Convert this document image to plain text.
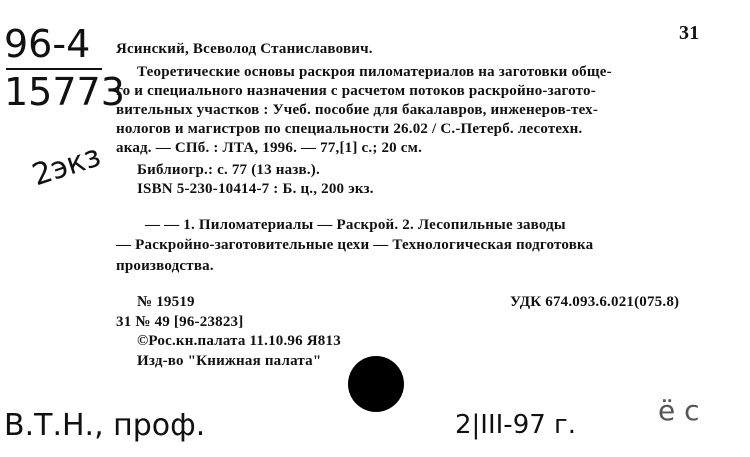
96-4
15773
2экз
31
Ясинский, Всеволод Станиславович.
Теоретические основы раскроя пиломатериалов на заготовки обще-
го и специального назначения с расчетом потоков раскройно-загото-
вительных участков : Учеб. пособие для бакалавров, инженеров-тех-
нологов и магистров по специальности 26.02 / С.-Петерб. лесотехн.
акад. — СПб. : ЛТА, 1996. — 77,[1] с.; 20 см.
Библиогр.: с. 77 (13 назв.).
ISBN 5-230-10414-7 : Б. ц., 200 экз.
— — 1. Пиломатериалы — Раскрой. 2. Лесопильные заводы
— Раскройно-заготовительные цехи — Технологическая подготовка
производства.
№ 19519	УДК 674.093.6.021(075.8)
31 № 49 [96-23823]
©Рос.кн.палата 11.10.96 Я813
Изд-во "Книжная палата"
В.Т.Н., проф.	2|III-97 г.	ё с
